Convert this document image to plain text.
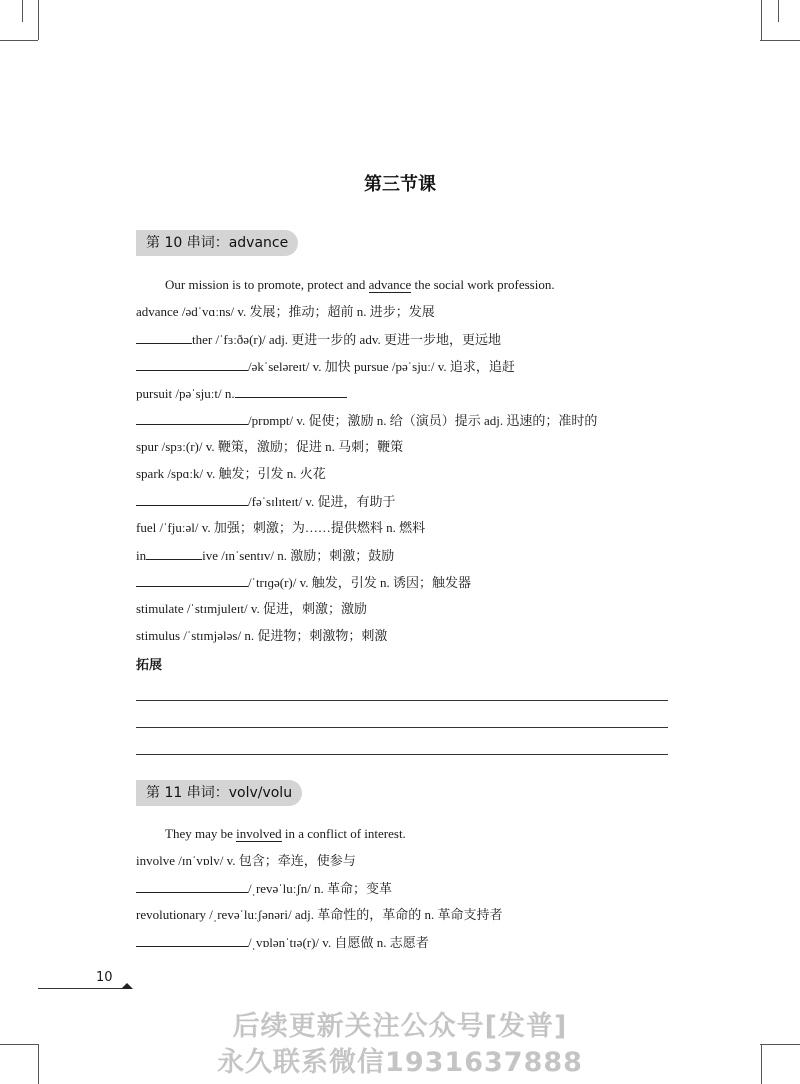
第三节课
第 10 串词：advance
Our mission is to promote, protect and advance the social work profession.
advance /ədˈvɑːns/ v. 发展；推动；超前 n. 进步；发展
ther /ˈfɜːðə(r)/ adj. 更进一步的 adv. 更进一步地，更远地
/əkˈseləreɪt/ v. 加快 pursue /pəˈsjuː/ v. 追求，追赶
pursuit /pəˈsjuːt/ n.
/prɒmpt/ v. 促使；激励 n. 给（演员）提示 adj. 迅速的；准时的
spur /spɜː(r)/ v. 鞭策，激励；促进 n. 马刺；鞭策
spark /spɑːk/ v. 触发；引发 n. 火花
/fəˈsɪlɪteɪt/ v. 促进，有助于
fuel /ˈfjuːəl/ v. 加强；刺激；为……提供燃料 n. 燃料
in	ive /ɪnˈsentɪv/ n. 激励；刺激；鼓励
/ˈtrɪɡə(r)/ v. 触发，引发 n. 诱因；触发器
stimulate /ˈstɪmjuleɪt/ v. 促进，刺激；激励
stimulus /ˈstɪmjələs/ n. 促进物；刺激物；刺激
拓展
第 11 串词：volv/volu
They may be involved in a conflict of interest.
involve /ɪnˈvɒlv/ v. 包含；牵连，使参与
/ˌrevəˈluːʃn/ n. 革命；变革
revolutionary /ˌrevəˈluːʃənəri/ adj. 革命性的，革命的 n. 革命支持者
/ˌvɒlənˈtɪə(r)/ v. 自愿做 n. 志愿者
10
后续更新关注公众号[发普]
永久联系微信1931637888
